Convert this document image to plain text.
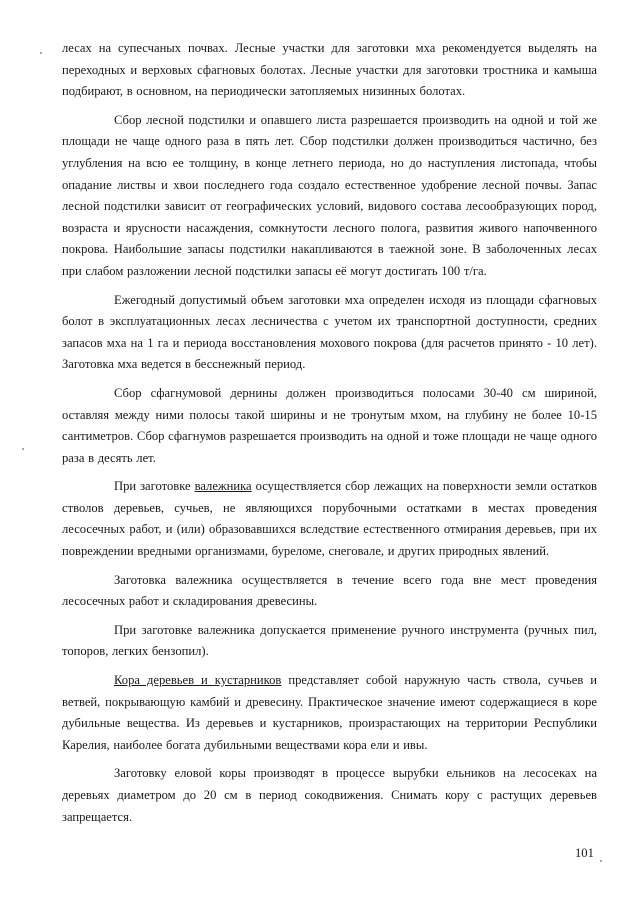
лесах на супесчаных почвах. Лесные участки для заготовки мха рекомендуется выделять на переходных и верховых сфагновых болотах. Лесные участки для заготовки тростника и камыша подбирают, в основном, на периодически затопляемых низинных болотах.

Сбор лесной подстилки и опавшего листа разрешается производить на одной и той же площади не чаще одного раза в пять лет. Сбор подстилки должен производиться частично, без углубления на всю ее толщину, в конце летнего периода, но до наступления листопада, чтобы опадание листвы и хвои последнего года создало естественное удобрение лесной почвы. Запас лесной подстилки зависит от географических условий, видового состава лесообразующих пород, возраста и ярусности насаждения, сомкнутости лесного полога, развития живого напочвенного покрова. Наибольшие запасы подстилки накапливаются в таежной зоне. В заболоченных лесах при слабом разложении лесной подстилки запасы её могут достигать 100 т/га.

Ежегодный допустимый объем заготовки мха определен исходя из площади сфагновых болот в эксплуатационных лесах лесничества с учетом их транспортной доступности, средних запасов мха на 1 га и периода восстановления мохового покрова (для расчетов принято - 10 лет). Заготовка мха ведется в бесснежный период.

Сбор сфагнумовой дернины должен производиться полосами 30-40 см шириной, оставляя между ними полосы такой ширины и не тронутым мхом, на глубину не более 10-15 сантиметров. Сбор сфагнумов разрешается производить на одной и тоже площади не чаще одного раза в десять лет.

При заготовке валежника осуществляется сбор лежащих на поверхности земли остатков стволов деревьев, сучьев, не являющихся порубочными остатками в местах проведения лесосечных работ, и (или) образовавшихся вследствие естественного отмирания деревьев, при их повреждении вредными организмами, буреломе, снеговале, и других природных явлений.

Заготовка валежника осуществляется в течение всего года вне мест проведения лесосечных работ и складирования древесины.

При заготовке валежника допускается применение ручного инструмента (ручных пил, топоров, легких бензопил).

Кора деревьев и кустарников представляет собой наружную часть ствола, сучьев и ветвей, покрывающую камбий и древесину. Практическое значение имеют содержащиеся в коре дубильные вещества. Из деревьев и кустарников, произрастающих на территории Республики Карелия, наиболее богата дубильными веществами кора ели и ивы.

Заготовку еловой коры производят в процессе вырубки ельников на лесосеках на деревьях диаметром до 20 см в период сокодвижения. Снимать кору с растущих деревьев запрещается.

101
